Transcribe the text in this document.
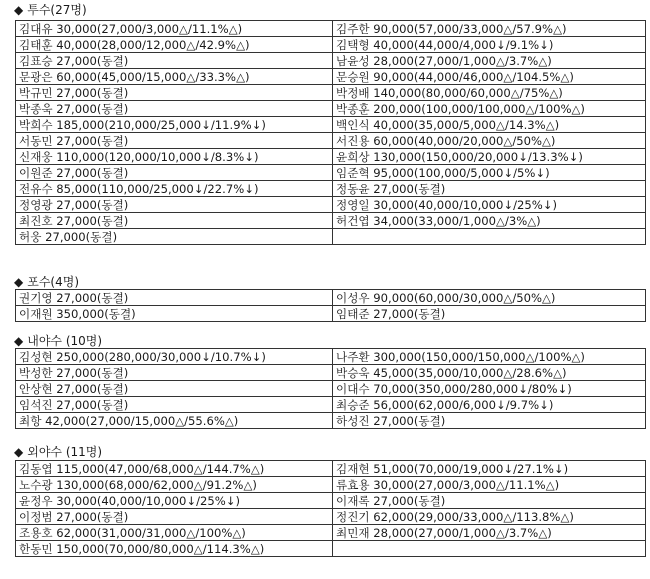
◆ 투수(27명)
김대유 30,000(27,000/3,000△/11.1%△)	김주한 90,000(57,000/33,000△/57.9%△)
김태훈 40,000(28,000/12,000△/42.9%△)	김택형 40,000(44,000/4,000↓/9.1%↓)
김표승 27,000(동결)	남윤성 28,000(27,000/1,000△/3.7%△)
문광은 60,000(45,000/15,000△/33.3%△)	문승원 90,000(44,000/46,000△/104.5%△)
박규민 27,000(동결)	박정배 140,000(80,000/60,000△/75%△)
박종욱 27,000(동결)	박종훈 200,000(100,000/100,000△/100%△)
박희수 185,000(210,000/25,000↓/11.9%↓)	백인식 40,000(35,000/5,000△/14.3%△)
서동민 27,000(동결)	서진용 60,000(40,000/20,000△/50%△)
신재웅 110,000(120,000/10,000↓/8.3%↓)	윤희상 130,000(150,000/20,000↓/13.3%↓)
이원준 27,000(동결)	임준혁 95,000(100,000/5,000↓/5%↓)
전유수 85,000(110,000/25,000↓/22.7%↓)	정동윤 27,000(동결)
정영광 27,000(동결)	정영일 30,000(40,000/10,000↓/25%↓)
최진호 27,000(동결)	허건엽 34,000(33,000/1,000△/3%△)
허웅 27,000(동결)	
◆ 포수(4명)
권기영 27,000(동결)	이성우 90,000(60,000/30,000△/50%△)
이재원 350,000(동결)	임태준 27,000(동결)
◆ 내야수 (10명)
김성현 250,000(280,000/30,000↓/10.7%↓)	나주환 300,000(150,000/150,000△/100%△)
박성한 27,000(동결)	박승욱 45,000(35,000/10,000△/28.6%△)
안상현 27,000(동결)	이대수 70,000(350,000/280,000↓/80%↓)
임석진 27,000(동결)	최승준 56,000(62,000/6,000↓/9.7%↓)
최항 42,000(27,000/15,000△/55.6%△)	하성진 27,000(동결)
◆ 외야수 (11명)
김동엽 115,000(47,000/68,000△/144.7%△)	김재현 51,000(70,000/19,000↓/27.1%↓)
노수광 130,000(68,000/62,000△/91.2%△)	류효용 30,000(27,000/3,000△/11.1%△)
윤정우 30,000(40,000/10,000↓/25%↓)	이재록 27,000(동결)
이정범 27,000(동결)	정진기 62,000(29,000/33,000△/113.8%△)
조용호 62,000(31,000/31,000△/100%△)	최민재 28,000(27,000/1,000△/3.7%△)
한동민 150,000(70,000/80,000△/114.3%△)	
